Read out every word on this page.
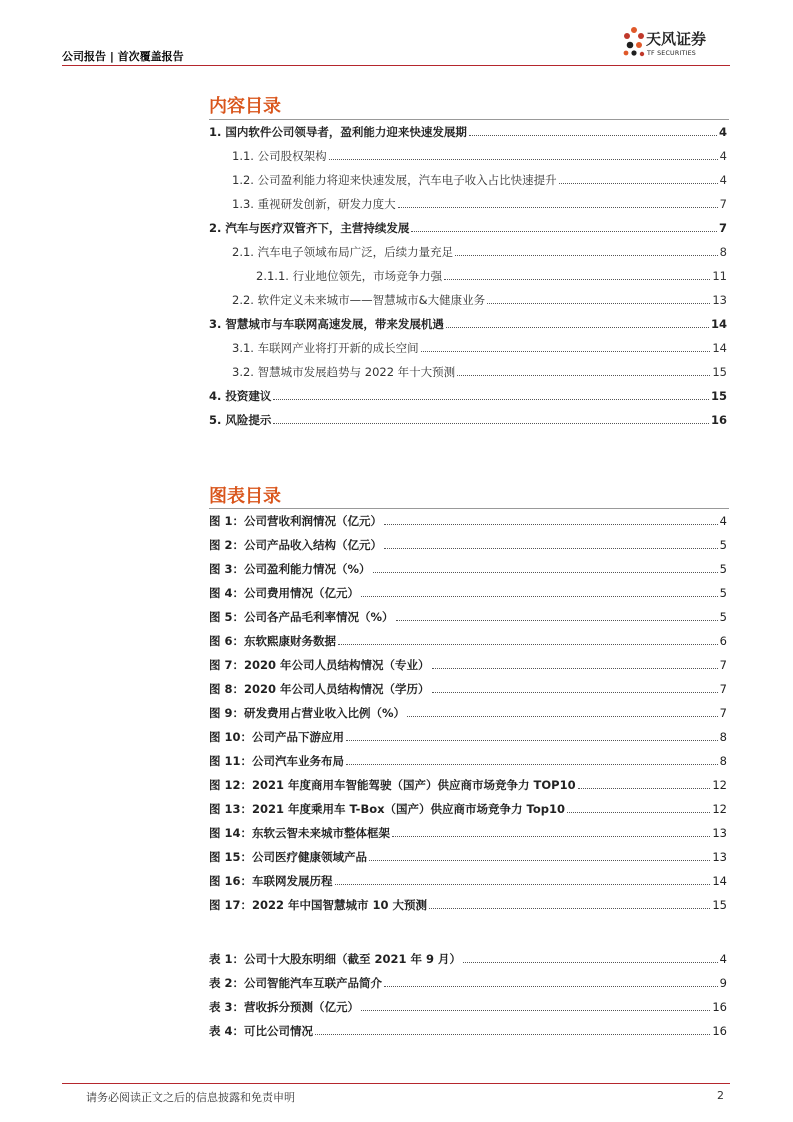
公司报告 | 首次覆盖报告
天风证券
TF SECURITIES
内容目录
1. 国内软件公司领导者，盈利能力迎来快速发展期	4
1.1. 公司股权架构	4
1.2. 公司盈利能力将迎来快速发展，汽车电子收入占比快速提升	4
1.3. 重视研发创新，研发力度大	7
2. 汽车与医疗双管齐下，主营持续发展	7
2.1. 汽车电子领域布局广泛，后续力量充足	8
2.1.1. 行业地位领先，市场竞争力强	11
2.2. 软件定义未来城市——智慧城市&大健康业务	13
3. 智慧城市与车联网高速发展，带来发展机遇	14
3.1. 车联网产业将打开新的成长空间	14
3.2. 智慧城市发展趋势与 2022 年十大预测	15
4. 投资建议	15
5. 风险提示	16
图表目录
图 1：公司营收利润情况（亿元）	4
图 2：公司产品收入结构（亿元）	5
图 3：公司盈利能力情况（%）	5
图 4：公司费用情况（亿元）	5
图 5：公司各产品毛利率情况（%）	5
图 6：东软熙康财务数据	6
图 7：2020 年公司人员结构情况（专业）	7
图 8：2020 年公司人员结构情况（学历）	7
图 9：研发费用占营业收入比例（%）	7
图 10：公司产品下游应用	8
图 11：公司汽车业务布局	8
图 12：2021 年度商用车智能驾驶（国产）供应商市场竞争力 TOP10	12
图 13：2021 年度乘用车 T-Box（国产）供应商市场竞争力 Top10	12
图 14：东软云智未来城市整体框架	13
图 15：公司医疗健康领域产品	13
图 16：车联网发展历程	14
图 17：2022 年中国智慧城市 10 大预测	15
表 1：公司十大股东明细（截至 2021 年 9 月）	4
表 2：公司智能汽车互联产品简介	9
表 3：营收拆分预测（亿元）	16
表 4：可比公司情况	16
请务必阅读正文之后的信息披露和免责申明	2
